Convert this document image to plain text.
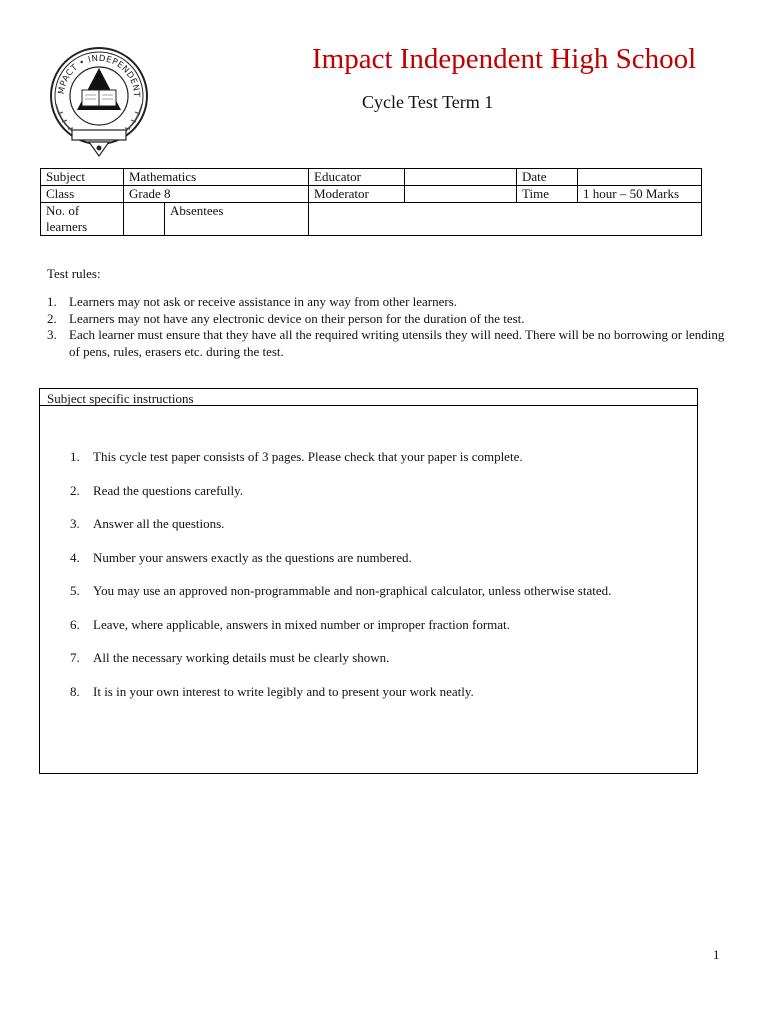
MPACT • INDEPENDENT
Impact Independent High School
Cycle Test Term 1
Subject	Mathematics		Educator		Date	
Class	Grade 8		Moderator		Time	1 hour – 50 Marks
No. of learners		Absentees				
Test rules:
1. Learners may not ask or receive assistance in any way from other learners.
2. Learners may not have any electronic device on their person for the duration of the test.
3. Each learner must ensure that they have all the required writing utensils they will need. There will be no borrowing or lending of pens, rules, erasers etc. during the test.
Subject specific instructions
1. This cycle test paper consists of 3 pages. Please check that your paper is complete.
2. Read the questions carefully.
3. Answer all the questions.
4. Number your answers exactly as the questions are numbered.
5. You may use an approved non-programmable and non-graphical calculator, unless otherwise stated.
6. Leave, where applicable, answers in mixed number or improper fraction format.
7. All the necessary working details must be clearly shown.
8. It is in your own interest to write legibly and to present your work neatly.
1
